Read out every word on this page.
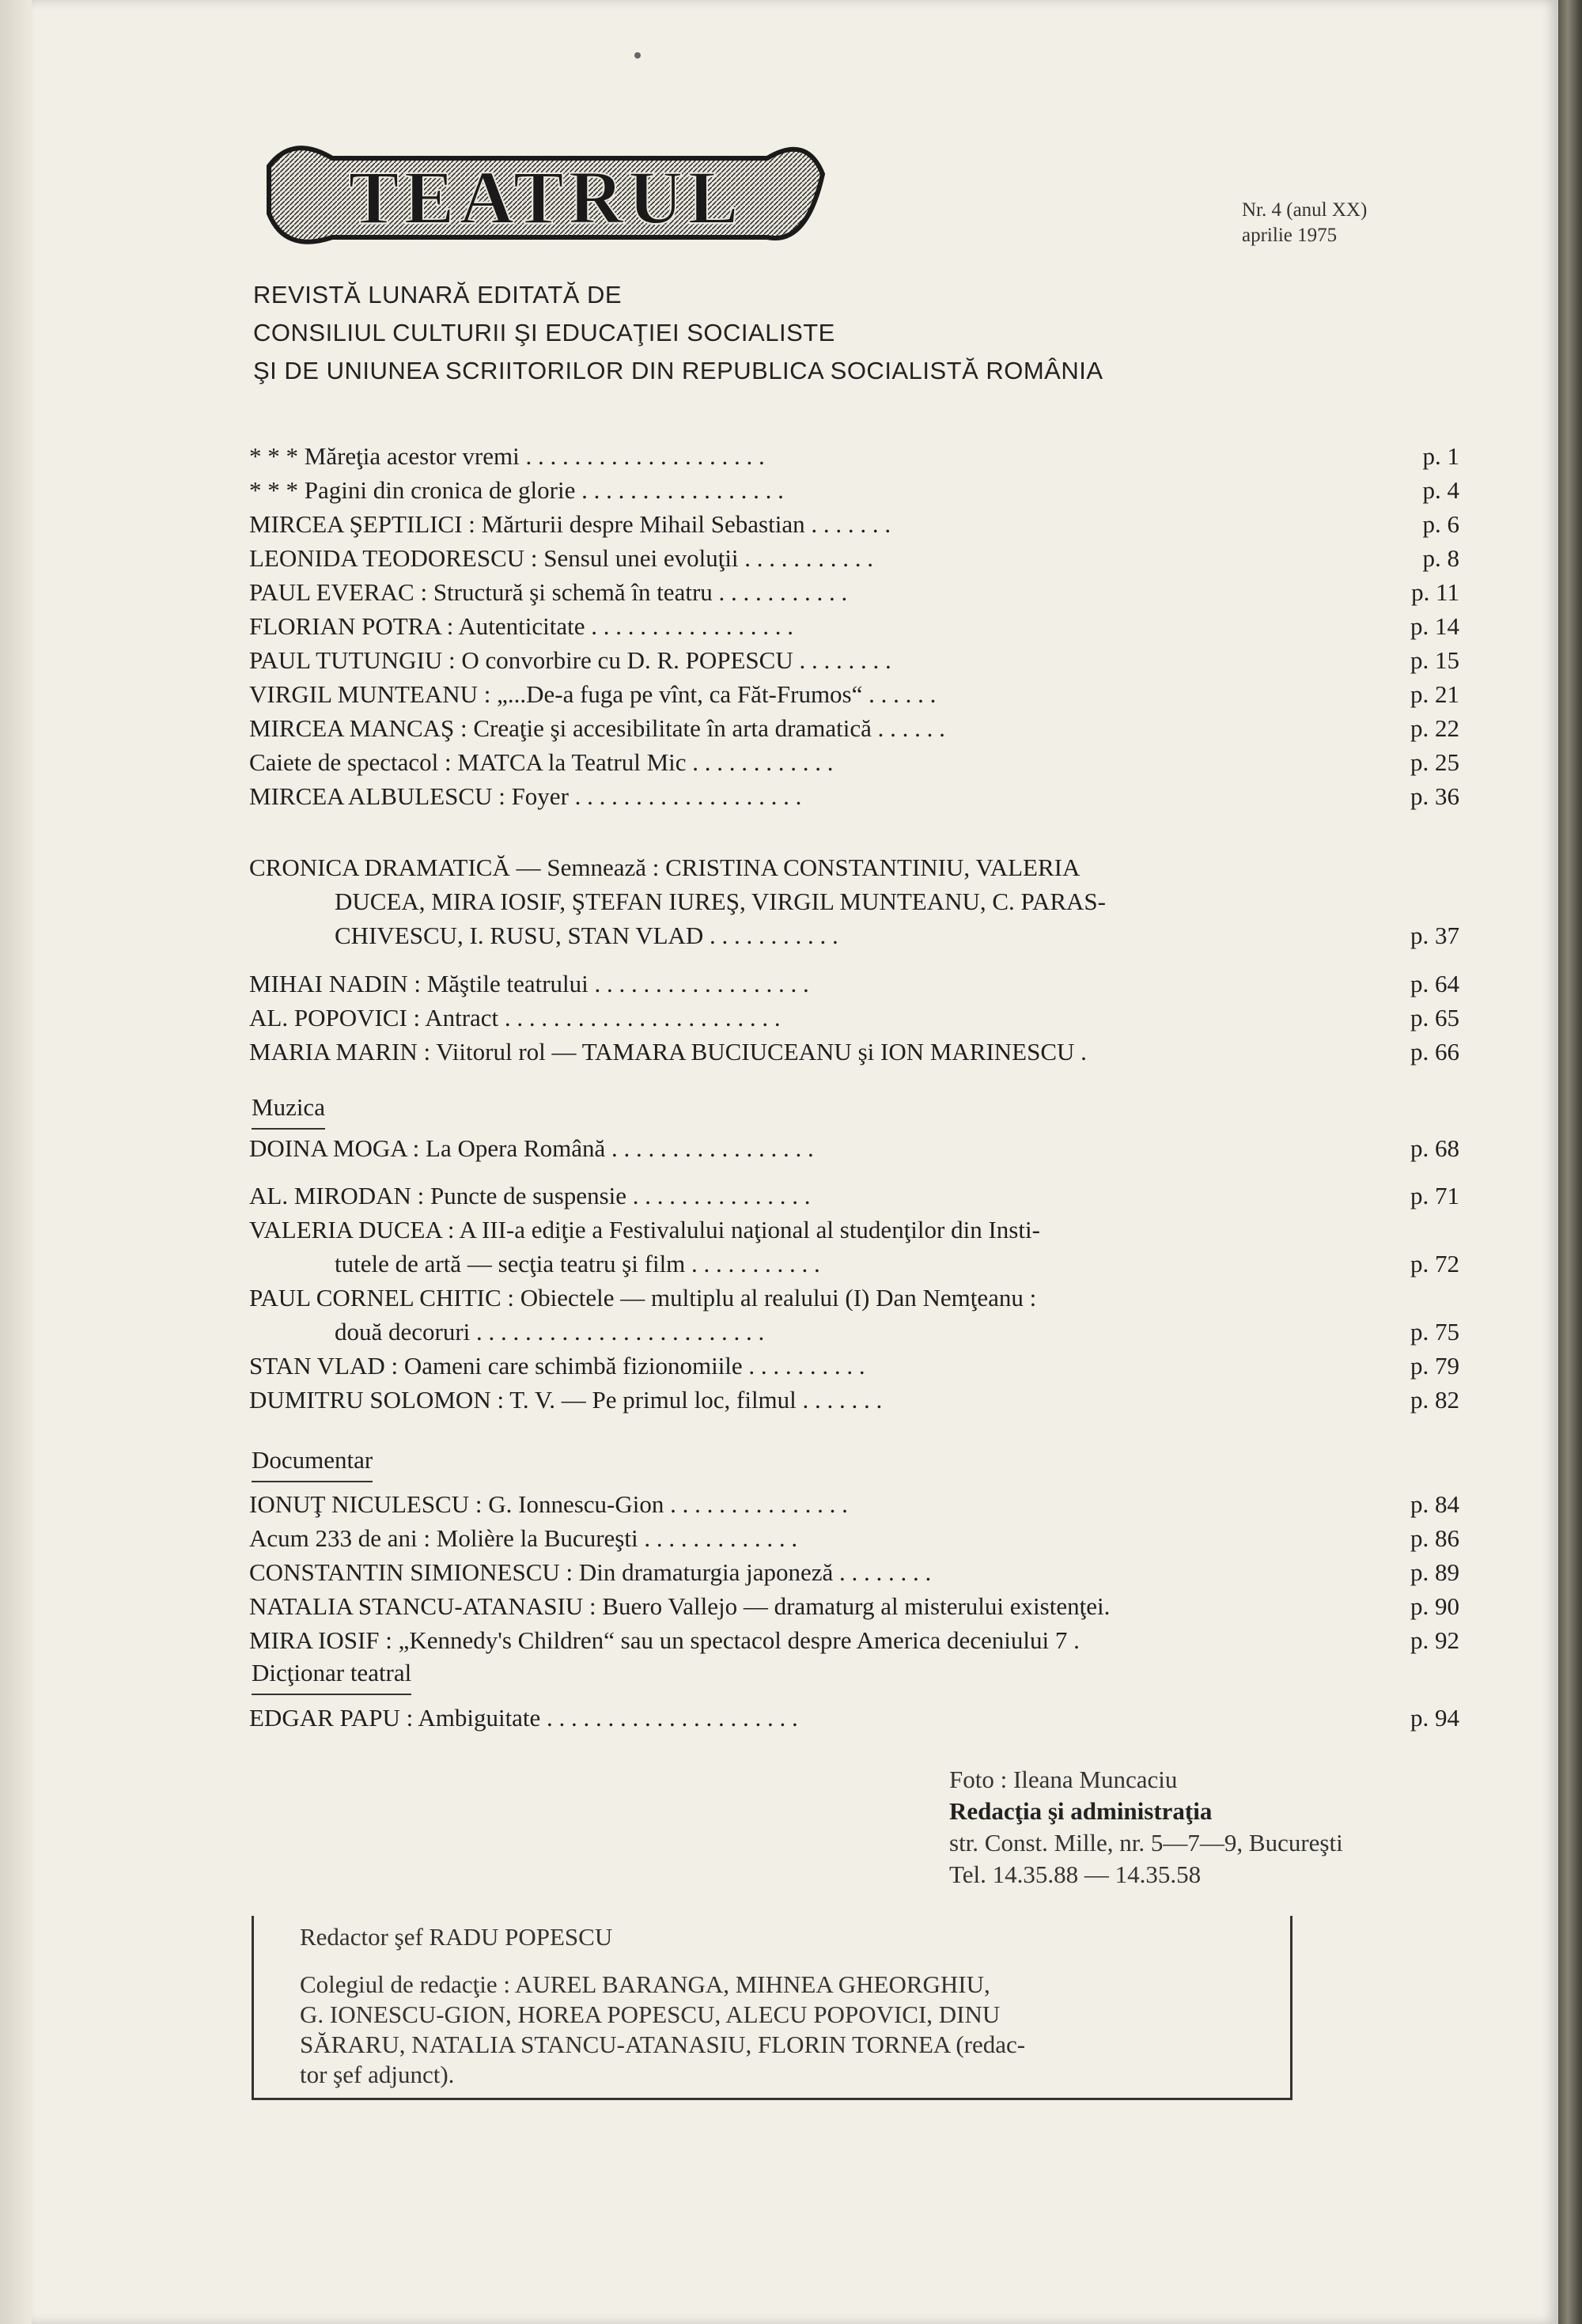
TEATRUL	Nr. 4 (anul XX)
aprilie 1975
REVISTĂ LUNARĂ EDITATĂ DE
CONSILIUL CULTURII ŞI EDUCAŢIEI SOCIALISTE
ŞI DE UNIUNEA SCRIITORILOR DIN REPUBLICA SOCIALISTĂ ROMÂNIA
* * * Măreţia acestor vremi . . . . . . . . . . . . . . . . . . . .	p. 1
* * * Pagini din cronica de glorie . . . . . . . . . . . . . . . . .	p. 4
MIRCEA ŞEPTILICI : Mărturii despre Mihail Sebastian . . . . . . .	p. 6
LEONIDA TEODORESCU : Sensul unei evoluţii . . . . . . . . . . .	p. 8
PAUL EVERAC : Structură şi schemă în teatru . . . . . . . . . . .	p. 11
FLORIAN POTRA : Autenticitate . . . . . . . . . . . . . . . . .	p. 14
PAUL TUTUNGIU : O convorbire cu D. R. POPESCU . . . . . . . .	p. 15
VIRGIL MUNTEANU : „...De-a fuga pe vînt, ca Făt-Frumos“ . . . . . .	p. 21
MIRCEA MANCAŞ : Creaţie şi accesibilitate în arta dramatică . . . . . .	p. 22
Caiete de spectacol : MATCA la Teatrul Mic . . . . . . . . . . . .	p. 25
MIRCEA ALBULESCU : Foyer . . . . . . . . . . . . . . . . . . .	p. 36
CRONICA DRAMATICĂ — Semnează : CRISTINA CONSTANTINIU, VALERIA
DUCEA, MIRA IOSIF, ŞTEFAN IUREŞ, VIRGIL MUNTEANU, C. PARAS-
CHIVESCU, I. RUSU, STAN VLAD . . . . . . . . . . .	p. 37
MIHAI NADIN : Măştile teatrului . . . . . . . . . . . . . . . . . .	p. 64
AL. POPOVICI : Antract . . . . . . . . . . . . . . . . . . . . . . .	p. 65
MARIA MARIN : Viitorul rol — TAMARA BUCIUCEANU şi ION MARINESCU .	p. 66
Muzica
DOINA MOGA : La Opera Română . . . . . . . . . . . . . . . . .	p. 68
AL. MIRODAN : Puncte de suspensie . . . . . . . . . . . . . . .	p. 71
VALERIA DUCEA : A III-a ediţie a Festivalului naţional al studenţilor din Insti-
tutele de artă — secţia teatru şi film . . . . . . . . . . .	p. 72
PAUL CORNEL CHITIC : Obiectele — multiplu al realului (I) Dan Nemţeanu :
două decoruri . . . . . . . . . . . . . . . . . . . . . . . .	p. 75
STAN VLAD : Oameni care schimbă fizionomiile . . . . . . . . . .	p. 79
DUMITRU SOLOMON : T. V. — Pe primul loc, filmul . . . . . . .	p. 82
Documentar
IONUŢ NICULESCU : G. Ionnescu-Gion . . . . . . . . . . . . . . .	p. 84
Acum 233 de ani : Molière la Bucureşti . . . . . . . . . . . . .	p. 86
CONSTANTIN SIMIONESCU : Din dramaturgia japoneză . . . . . . . .	p. 89
NATALIA STANCU-ATANASIU : Buero Vallejo — dramaturg al misterului existenţei.	p. 90
MIRA IOSIF : „Kennedy's Children“ sau un spectacol despre America deceniului 7 .	p. 92
Dicţionar teatral
EDGAR PAPU : Ambiguitate . . . . . . . . . . . . . . . . . . . . .	p. 94
Foto : Ileana Muncaciu
Redacţia şi administraţia
str. Const. Mille, nr. 5—7—9, Bucureşti
Tel. 14.35.88 — 14.35.58
Redactor şef RADU POPESCU
Colegiul de redacţie : AUREL BARANGA, MIHNEA GHEORGHIU,
G. IONESCU-GION, HOREA POPESCU, ALECU POPOVICI, DINU
SĂRARU, NATALIA STANCU-ATANASIU, FLORIN TORNEA (redac-
tor şef adjunct).
